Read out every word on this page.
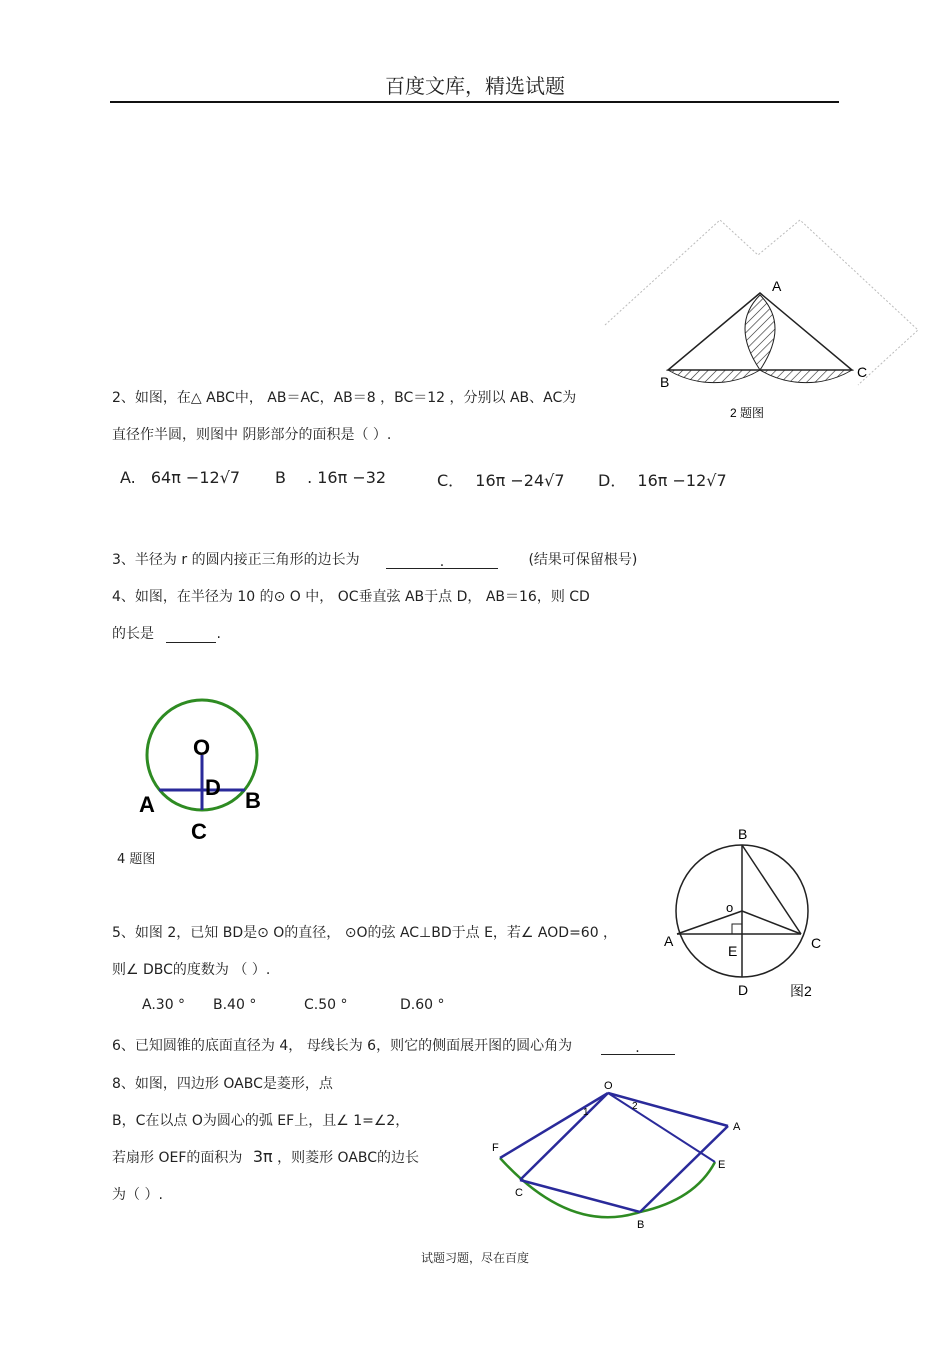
百度文库，精选试题
A
B
C
2 题图
2、如图，在△ ABC中， AB＝AC，AB＝8 ，BC＝12 ，分别以 AB、AC为
直径作半圆，则图中 阴影部分的面积是（ ）.
A. 64π −12√7 B . 16π −32	C． 16π −24√7 D． 16π −12√7
3、半径为 r 的圆内接正三角形的边长为	.	(结果可保留根号)
4、如图，在半径为 10 的⊙ O 中， OC垂直弦 AB于点 D， AB＝16，则 CD
的长是	.
O
D
A	B
C
4 题图
B
o
A
E	C
D	图2
5、如图 2，已知 BD是⊙ O的直径， ⊙O的弦 AC⊥BD于点 E，若∠ AOD=60 ，
则∠ DBC的度数为 （ ）.
A.30 ° B.40 °	C.50 °	D.60 °
6、已知圆锥的底面直径为 4， 母线长为 6，则它的侧面展开图的圆心角为	.
8、如图，四边形 OABC是菱形，点
B，C在以点 O为圆心的弧 EF上，且∠ 1=∠2，
若扇形 OEF的面积为 3π ，则菱形 OABC的边长
为（ ）.
O
1
2
A
F
E
C
B
试题习题，尽在百度
